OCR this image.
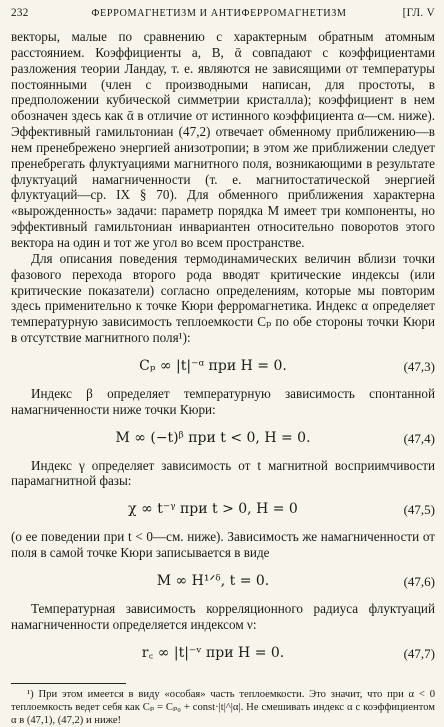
232	ФЕРРОМАГНЕТИЗМ И АНТИФЕРРОМАГНЕТИЗМ	[ГЛ. V

векторы, малые по сравнению с характерным обратным атомным расстоянием. Коэффициенты a, B, ᾱ совпадают с коэффициентами разложения теории Ландау, т. е. являются не зависящими от температуры постоянными (член с производными написан, для простоты, в предположении кубической симметрии кристалла); коэффициент в нем обозначен здесь как ᾱ в отличие от истинного коэффициента α—см. ниже). Эффективный гамильтониан (47,2) отвечает обменному приближению—в нем пренебрежено энергией анизотропии; в этом же приближении следует пренебрегать флуктуациями магнитного поля, возникающими в результате флуктуаций намагниченности (т. е. магнитостатической энергией флуктуаций—ср. IX § 70). Для обменного приближения характерна «вырожденность» задачи: параметр порядка M имеет три компоненты, но эффективный гамильтониан инвариантен относительно поворотов этого вектора на один и тот же угол во всем пространстве.

Для описания поведения термодинамических величин вблизи точки фазового перехода второго рода вводят критические индексы (или критические показатели) согласно определениям, которые мы повторим здесь применительно к точке Кюри ферромагнетика. Индекс α определяет температурную зависимость теплоемкости Cₚ по обе стороны точки Кюри в отсутствие магнитного поля¹):

Cₚ ∞ |t|⁻ᵅ при H = 0.	(47,3)

Индекс β определяет температурную зависимость спонтанной намагниченности ниже точки Кюри:

M ∞ (−t)ᵝ при t < 0, H = 0.	(47,4)

Индекс γ определяет зависимость от t магнитной восприимчивости парамагнитной фазы:

χ ∞ t⁻ᵞ при t > 0, H = 0	(47,5)

(о ее поведении при t < 0—см. ниже). Зависимость же намагниченности от поля в самой точке Кюри записывается в виде

M ∞ H¹ᐟᵟ, t = 0.	(47,6)

Температурная зависимость корреляционного радиуса флуктуаций намагниченности определяется индексом ν:

r꜀ ∞ |t|⁻ᵛ при H = 0.	(47,7)

¹) При этом имеется в виду «особая» часть теплоемкости. Это значит, что при α < 0 теплоемкость ведет себя как Cₚ = Cₚ₀ + const·|t|^|α|. Не смешивать индекс α с коэффициентом α в (47,1), (47,2) и ниже!
